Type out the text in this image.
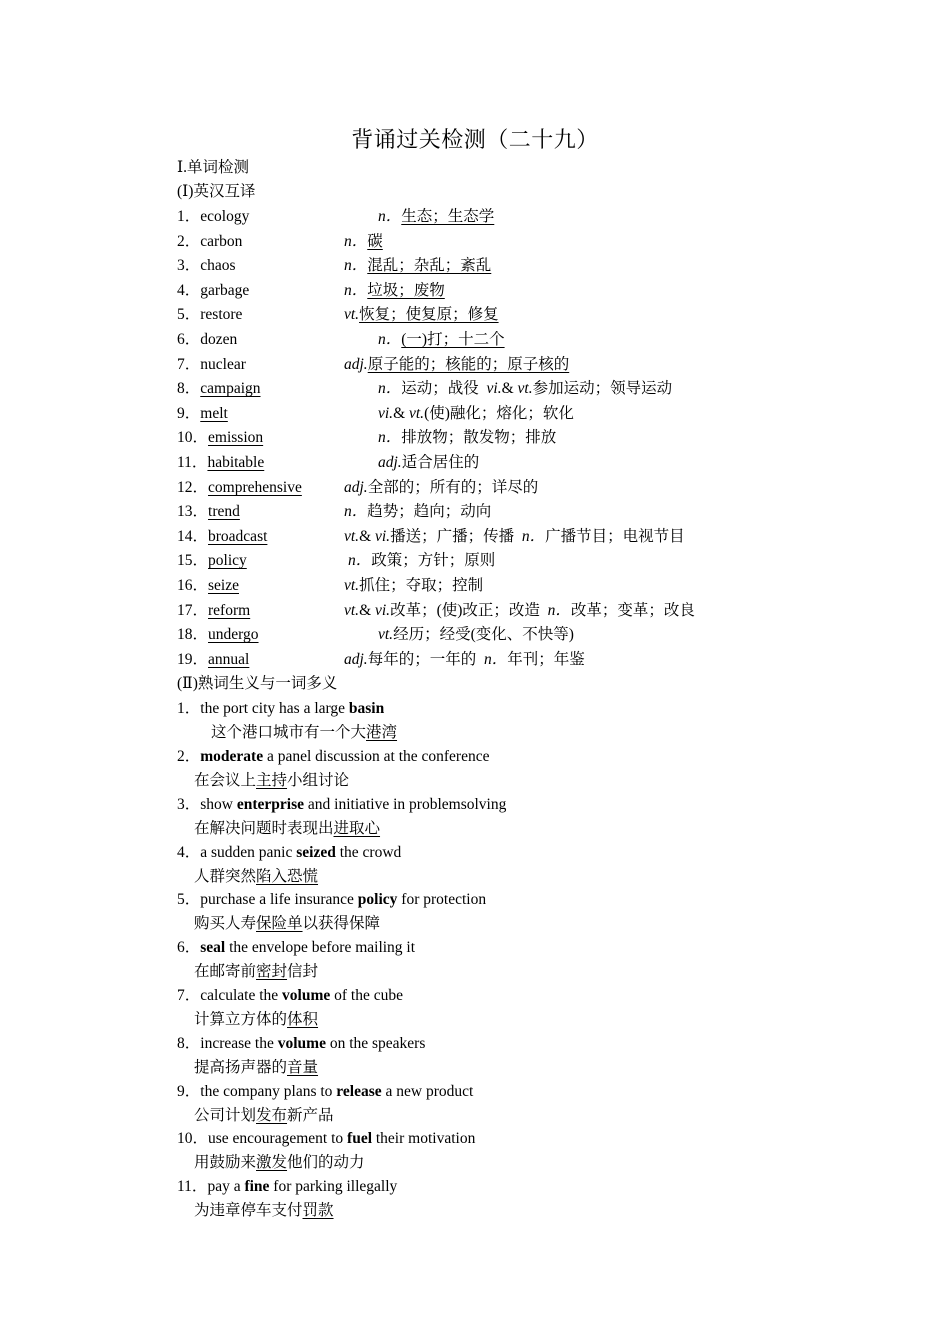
背诵过关检测（二十九）
Ⅰ.单词检测
(Ⅰ)英汉互译
1．ecology	n．生态；生态学
2．carbon	n．碳
3．chaos	n．混乱；杂乱；紊乱
4．garbage	n．垃圾；废物
5．restore	vt.恢复；使复原；修复
6．dozen	n．(一)打；十二个
7．nuclear	adj.原子能的；核能的；原子核的
8．campaign	n．运动；战役 vi.& vt.参加运动；领导运动
9．melt	vi.& vt.(使)融化；熔化；软化
10．emission	n．排放物；散发物；排放
11．habitable	adj.适合居住的
12．comprehensive	adj.全部的；所有的；详尽的
13．trend	n．趋势；趋向；动向
14．broadcast	vt.& vi.播送；广播；传播 n．广播节目；电视节目
15．policy	n．政策；方针；原则
16．seize	vt.抓住；夺取；控制
17．reform	vt.& vi.改革；(使)改正；改造 n．改革；变革；改良
18．undergo	vt.经历；经受(变化、不快等)
19．annual	adj.每年的；一年的 n．年刊；年鉴
(Ⅱ)熟词生义与一词多义
1．the port city has a large basin
这个港口城市有一个大港湾
2．moderate a panel discussion at the conference
在会议上主持小组讨论
3．show enterprise and initiative in problemsolving
在解决问题时表现出进取心
4．a sudden panic seized the crowd
人群突然陷入恐慌
5．purchase a life insurance policy for protection
购买人寿保险单以获得保障
6．seal the envelope before mailing it
在邮寄前密封信封
7．calculate the volume of the cube
计算立方体的体积
8．increase the volume on the speakers
提高扬声器的音量
9．the company plans to release a new product
公司计划发布新产品
10．use encouragement to fuel their motivation
用鼓励来激发他们的动力
11．pay a fine for parking illegally
为违章停车支付罚款
